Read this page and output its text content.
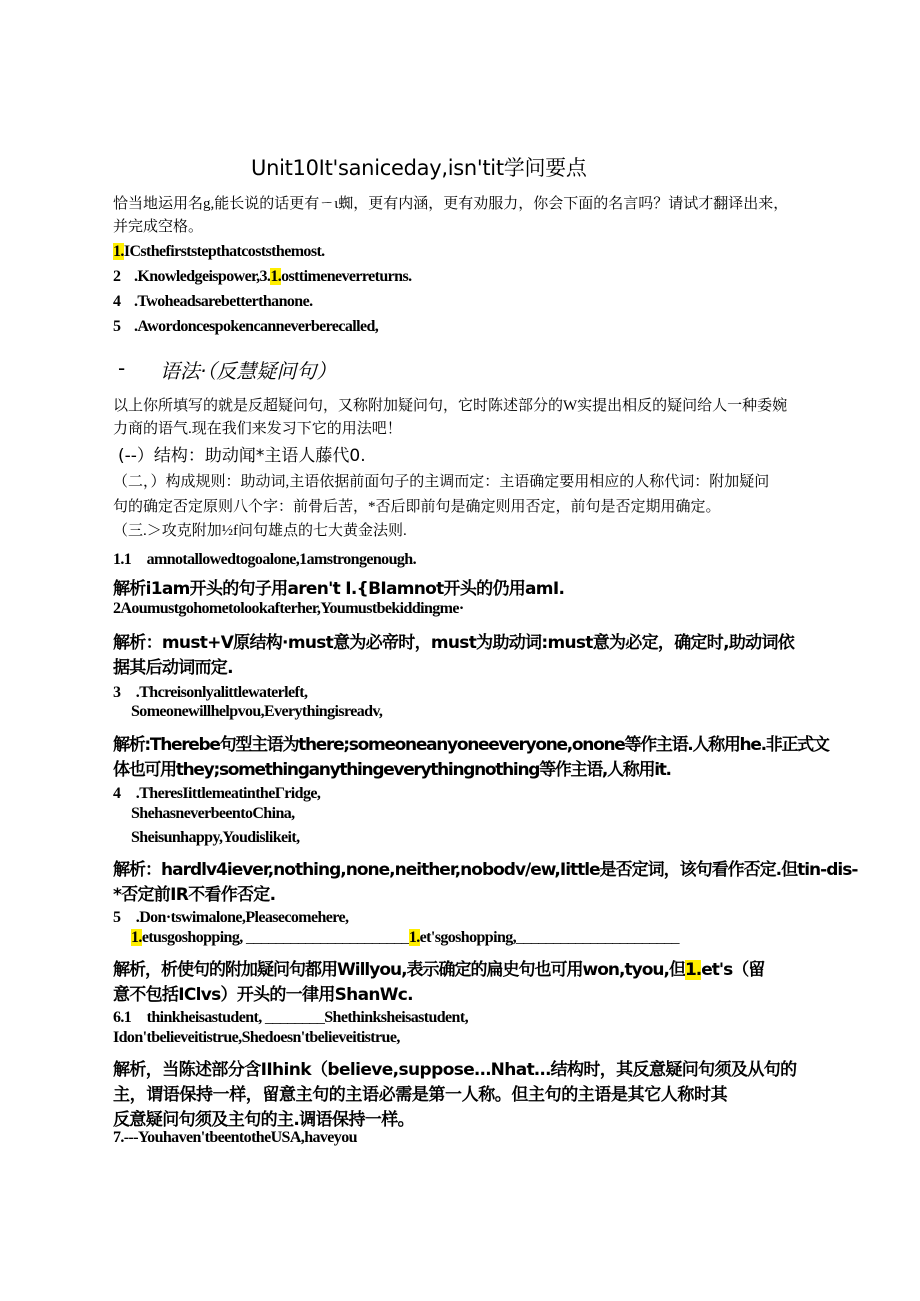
Unit10It'saniceday,isn'tit学问要点
恰当地运用名g,能长说的话更有ㄧι蜘，更有内涵，更有劝服力，你会下面的名言吗？请试才翻译出来，
并完成空格。
1.ICsthefirststepthatcoststhemost.
2 .Knowledgeispower,3.1.osttimeneverreturns.
4 .Twoheadsarebetterthanone.
5 .Awordoncespokencanneverberecalled,
- 语法·（反慧疑问句）
以上你所填写的就是反超疑问句，又称附加疑问句，它时陈述部分的W实提出相反的疑问给人一种委婉
力商的语气.现在我们来发习下它的用法吧！
(--）结构：助动闻*主语人藤代0.
（二，）构成规则：助动词,主语依据前面句子的主调而定：主语确定要用相应的人称代词：附加疑问
句的确定否定原则八个字：前骨后苦，*否后即前句是确定则用否定，前句是否定期用确定。
（三.＞攻克附加½f问句雄点的七大黄金法则.
1.1　amnotallowedtogoalone,1amstrongenough.
解析i1am开头的句子用aren't I.{BIamnot开头的仍用amI.
2Aoumustgohometolookafterher,Youmustbekiddingme·
解析：must+V原结构·must意为必帝时，must为助动词:must意为必定，确定时,助动词依
据其后动词而定.
3　.Thcreisonlyalittlewaterleft,
Someonewillhelpvou,Everythingisreadv,
解析:Therebe句型主语为there;someoneanyoneeveryone,onone等作主语.人称用he.非正式文
体也可用they;somethinganythingeverythingnothing等作主语,人称用it.
4　.TheresIittlemeatintheΓridge,
ShehasneverbeentoChina,
Sheisunhappy,Youdislikeit,
解析：hardlv4iever,nothing,none,neither,nobodv/ew,Iittle是否定词，该句看作否定.但tin-dis-
*否定前IR不看作否定.
5　.Don·tswimalone,Pleasecomehere,
1.etusgoshopping, ______________________1.et'sgoshopping,______________________
解析，析使句的附加疑问句都用Willyou,表示确定的扁史句也可用won,tyou,但1.et's（留
意不包括IClvs）开头的一律用ShanWc.
6.1　thinkheisastudent, ________Shethinksheisastudent,
Idon'tbelieveitistrue,Shedoesn'tbelieveitistrue,
解析，当陈述部分含IIhink（believe,suppose…Nhat…结构时，其反意疑问句须及从句的
主，谓语保持一样，留意主句的主语必需是第一人称。但主句的主语是其它人称时其
反意疑问句须及主句的主.调语保持一样。
7.---Youhaven'tbeentotheUSA,haveyou
